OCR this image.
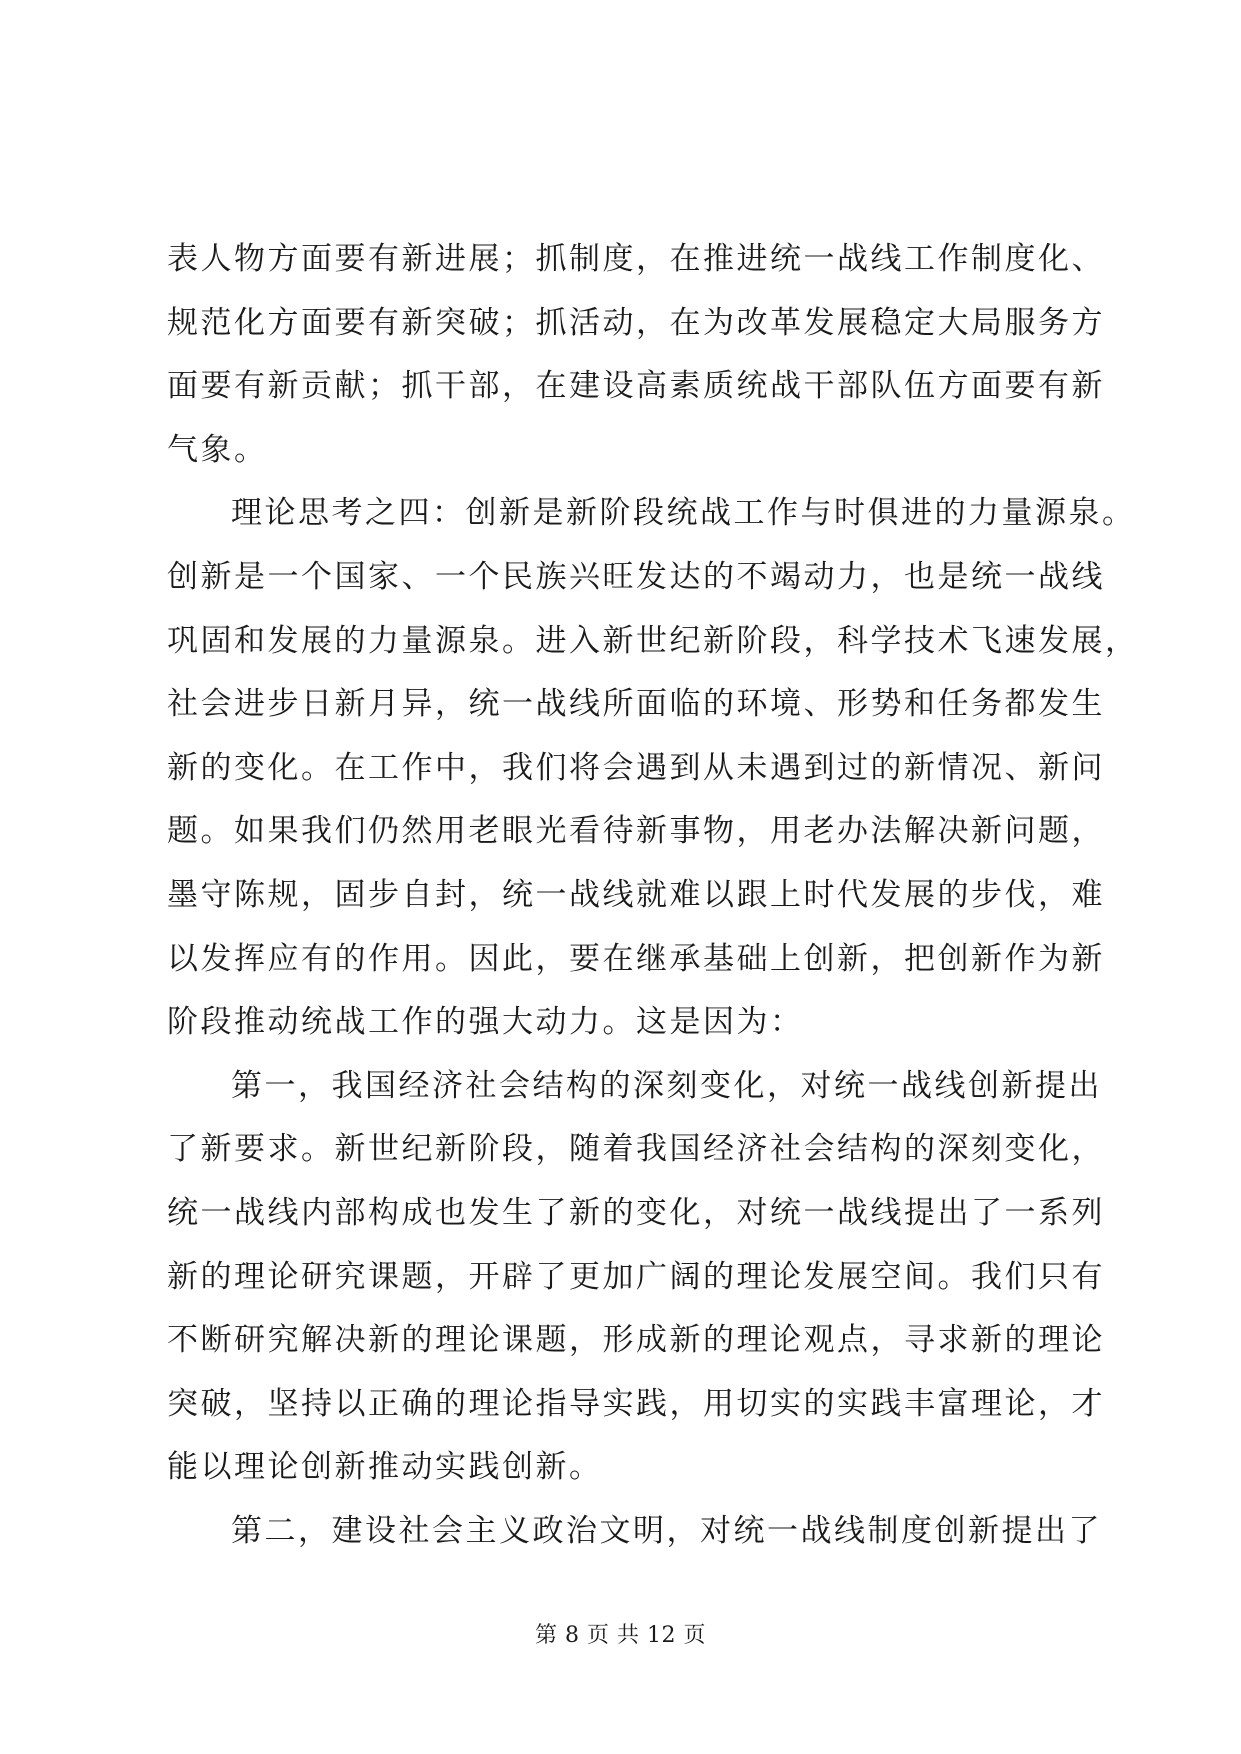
表人物方面要有新进展；抓制度，在推进统一战线工作制度化、
规范化方面要有新突破；抓活动，在为改革发展稳定大局服务方
面要有新贡献；抓干部，在建设高素质统战干部队伍方面要有新
气象。
理论思考之四：创新是新阶段统战工作与时俱进的力量源泉。
创新是一个国家、一个民族兴旺发达的不竭动力，也是统一战线
巩固和发展的力量源泉。进入新世纪新阶段，科学技术飞速发展，
社会进步日新月异，统一战线所面临的环境、形势和任务都发生
新的变化。在工作中，我们将会遇到从未遇到过的新情况、新问
题。如果我们仍然用老眼光看待新事物，用老办法解决新问题，
墨守陈规，固步自封，统一战线就难以跟上时代发展的步伐，难
以发挥应有的作用。因此，要在继承基础上创新，把创新作为新
阶段推动统战工作的强大动力。这是因为：
第一，我国经济社会结构的深刻变化，对统一战线创新提出
了新要求。新世纪新阶段，随着我国经济社会结构的深刻变化，
统一战线内部构成也发生了新的变化，对统一战线提出了一系列
新的理论研究课题，开辟了更加广阔的理论发展空间。我们只有
不断研究解决新的理论课题，形成新的理论观点，寻求新的理论
突破，坚持以正确的理论指导实践，用切实的实践丰富理论，才
能以理论创新推动实践创新。
第二，建设社会主义政治文明，对统一战线制度创新提出了
第 8 页 共 12 页
